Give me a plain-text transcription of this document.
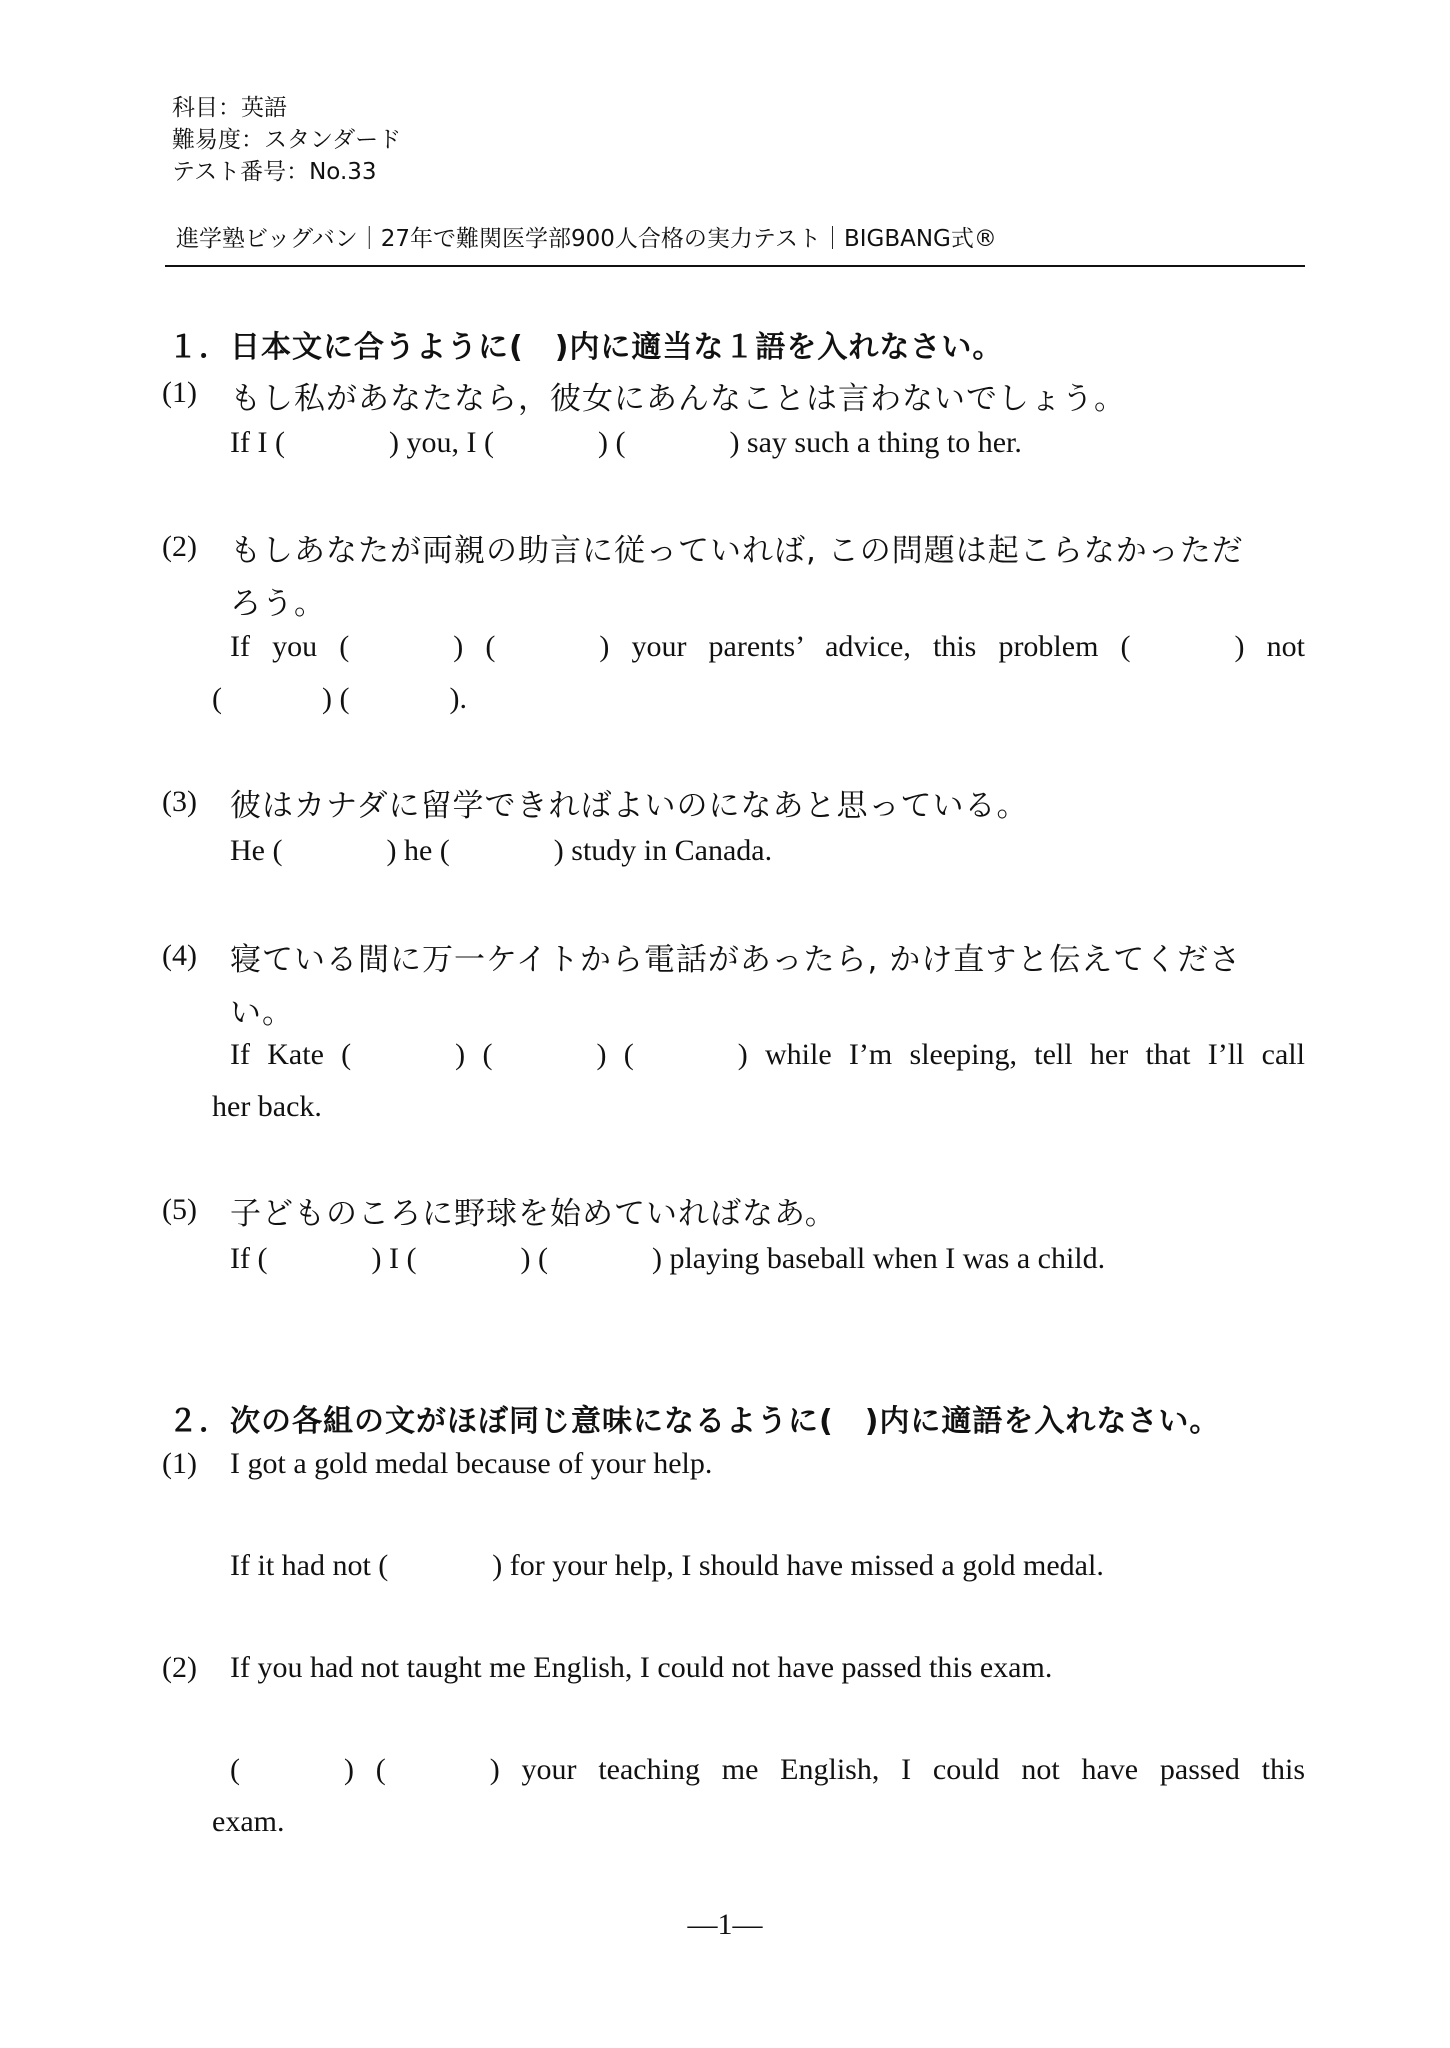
科目：英語
難易度：スタンダード
テスト番号：No.33
進学塾ビッグバン｜27年で難関医学部900人合格の実力テスト｜BIGBANG式®
１．日本文に合うように(　)内に適当な１語を入れなさい。
(1) もし私があなたなら，彼女にあんなことは言わないでしょう。
If I (	) you, I (	) (	) say such a thing to her.
(2) もしあなたが両親の助言に従っていれば, この問題は起こらなかっただ
ろう。
If you (	) (	) your parents’ advice, this problem (	) not
(	) (	).
(3) 彼はカナダに留学できればよいのになあと思っている。
He (	) he (	) study in Canada.
(4) 寝ている間に万一ケイトから電話があったら, かけ直すと伝えてくださ
い。
If Kate (	) (	) (	) while I’m sleeping, tell her that I’ll call
her back.
(5) 子どものころに野球を始めていればなあ。
If (	) I (	) (	) playing baseball when I was a child.
２．次の各組の文がほぼ同じ意味になるように(　)内に適語を入れなさい。
(1) I got a gold medal because of your help.
If it had not (	) for your help, I should have missed a gold medal.
(2) If you had not taught me English, I could not have passed this exam.
(	) (	) your teaching me English, I could not have passed this
exam.
―1―
